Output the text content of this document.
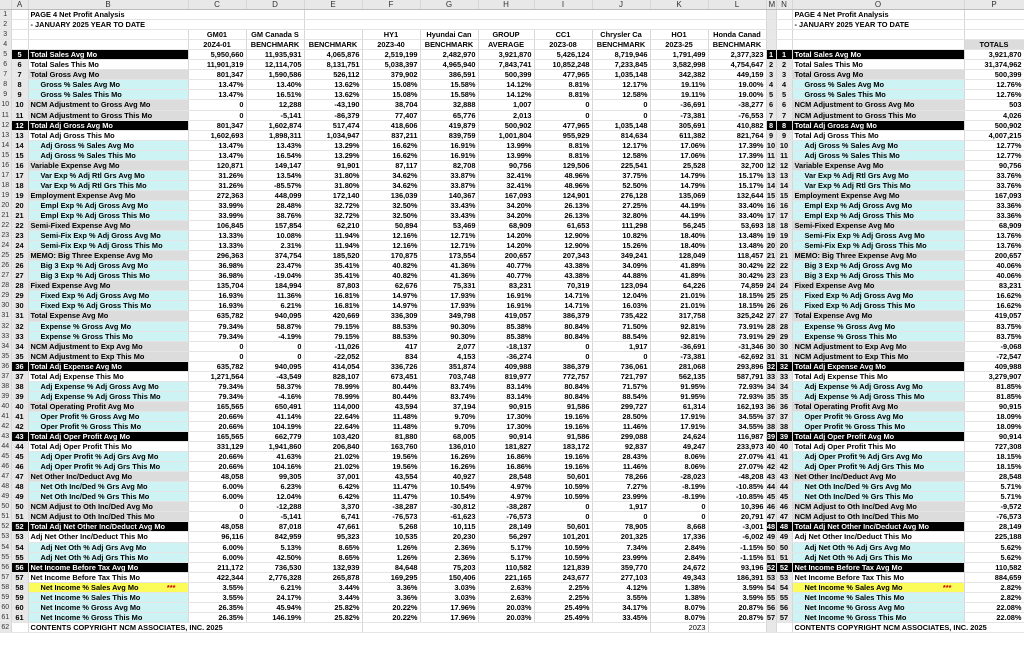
	A	B	C	D	E	F	G	H	I	J	K	L	M	N	O	P
1		PAGE 4 Net Profit Analysis													PAGE 4 Net Profit Analysis	
2		- JANUARY 2025 YEAR TO DATE													- JANUARY 2025 YEAR TO DATE	
3			GM01	GM Canada S		HY1	Hyundai Can	GROUP	CC1	Chrysler Ca	HO1	Honda Canad				
4			20Z4-01	BENCHMARK	BENCHMARK	20Z3-40	BENCHMARK	AVERAGE	20Z3-08	BENCHMARK	20Z3-25	BENCHMARK				TOTALS
5	5	Total Sales Avg Mo	5,950,660	11,935,931	4,065,876	2,519,199	2,482,970	3,921,870	5,426,124	8,719,946	1,791,499	2,377,323	1	1	Total Sales Avg Mo	3,921,870
6	6	Total Sales This Mo	11,901,319	12,114,705	8,131,751	5,038,397	4,965,940	7,843,741	10,852,248	7,233,845	3,582,998	4,754,647	2	2	Total Sales This Mo	31,374,962
7	7	Total Gross Avg Mo	801,347	1,590,586	526,112	379,902	386,591	500,399	477,965	1,035,148	342,382	449,159	3	3	Total Gross Avg Mo	500,399
8	8	Gross % Sales Avg Mo	13.47%	13.40%	13.62%	15.08%	15.58%	14.12%	8.81%	12.17%	19.11%	19.00%	4	4	Gross % Sales Avg Mo	12.76%
9	9	Gross % Sales This Mo	13.47%	16.51%	13.62%	15.08%	15.58%	14.12%	8.81%	12.58%	19.11%	19.00%	5	5	Gross % Sales This Mo	12.76%
10	10	NCM Adjustment to Gross Avg Mo	0	12,288	-43,190	38,704	32,888	1,007	0	0	-36,691	-38,277	6	6	NCM Adjustment to Gross Avg Mo	503
11	11	NCM Adjustment to Gross This Mo	0	-5,141	-86,379	77,407	65,776	2,013	0	0	-73,381	-76,553	7	7	NCM Adjustment to Gross This Mo	4,026
12	12	Total Adj Gross Avg Mo	801,347	1,602,874	517,474	418,606	419,879	500,902	477,965	1,035,148	305,691	410,882	8	8	Total Adj Gross Avg Mo	500,902
13	13	Total Adj Gross This Mo	1,602,693	1,898,311	1,034,947	837,211	839,759	1,001,804	955,929	814,634	611,382	821,764	9	9	Total Adj Gross This Mo	4,007,215
14	14	Adj Gross % Sales Avg Mo	13.47%	13.43%	13.29%	16.62%	16.91%	13.99%	8.81%	12.17%	17.06%	17.39%	10	10	Adj Gross % Sales Avg Mo	12.77%
15	15	Adj Gross % Sales This Mo	13.47%	16.54%	13.29%	16.62%	16.91%	13.99%	8.81%	12.58%	17.06%	17.39%	11	11	Adj Gross % Sales This Mo	12.77%
16	16	Variable Expense Avg Mo	120,871	149,147	91,901	87,117	82,708	90,756	129,506	225,541	25,528	32,700	12	12	Variable Expense Avg Mo	90,756
17	17	Var Exp % Adj Rtl Grs Avg Mo	31.26%	13.54%	31.80%	34.62%	33.87%	32.41%	48.96%	37.75%	14.79%	15.17%	13	13	Var Exp % Adj Rtl Grs Avg Mo	33.76%
18	18	Var Exp % Adj Rtl Grs This Mo	31.26%	-85.57%	31.80%	34.62%	33.87%	32.41%	48.96%	52.50%	14.79%	15.17%	14	14	Var Exp % Adj Rtl Grs This Mo	33.76%
19	19	Employment Expense Avg Mo	272,363	448,099	172,140	136,039	140,367	167,093	124,901	276,128	135,069	132,644	15	15	Employment Expense Avg Mo	167,093
20	20	Empl Exp % Adj Gross Avg Mo	33.99%	28.48%	32.72%	32.50%	33.43%	34.20%	26.13%	27.25%	44.19%	33.40%	16	16	Empl Exp % Adj Gross Avg Mo	33.36%
21	21	Empl Exp % Adj Gross This Mo	33.99%	38.76%	32.72%	32.50%	33.43%	34.20%	26.13%	32.80%	44.19%	33.40%	17	17	Empl Exp % Adj Gross This Mo	33.36%
22	22	Semi-Fixed Expense Avg Mo	106,845	157,854	62,210	50,894	53,469	68,909	61,653	111,298	56,245	53,693	18	18	Semi-Fixed Expense Avg Mo	68,909
23	23	Semi-Fix Exp % Adj Gross Avg Mo	13.33%	10.08%	11.94%	12.16%	12.71%	14.20%	12.90%	10.82%	18.40%	13.48%	19	19	Semi-Fix Exp % Adj Gross Avg Mo	13.76%
24	24	Semi-Fix Exp % Adj Gross This Mo	13.33%	2.31%	11.94%	12.16%	12.71%	14.20%	12.90%	15.26%	18.40%	13.48%	20	20	Semi-Fix Exp % Adj Gross This Mo	13.76%
25	25	MEMO: Big Three Expense Avg Mo	296,363	374,754	185,520	170,875	173,554	200,657	207,343	349,241	128,049	118,457	21	21	MEMO: Big Three Expense Avg Mo	200,657
26	26	Big 3 Exp % Adj Gross Avg Mo	36.98%	23.47%	35.41%	40.82%	41.36%	40.77%	43.38%	34.09%	41.89%	30.42%	22	22	Big 3 Exp % Adj Gross Avg Mo	40.06%
27	27	Big 3 Exp % Adj Gross This Mo	36.98%	-19.04%	35.41%	40.82%	41.36%	40.77%	43.38%	44.88%	41.89%	30.42%	23	23	Big 3 Exp % Adj Gross This Mo	40.06%
28	28	Fixed Expense Avg Mo	135,704	184,994	87,803	62,676	75,331	83,231	70,319	123,094	64,226	74,859	24	24	Fixed Expense Avg Mo	83,231
29	29	Fixed Exp % Adj Gross Avg Mo	16.93%	11.36%	16.81%	14.97%	17.93%	16.91%	14.71%	12.04%	21.01%	18.15%	25	25	Fixed Exp % Adj Gross Avg Mo	16.62%
30	30	Fixed Exp % Adj Gross This Mo	16.93%	6.21%	16.81%	14.97%	17.93%	16.91%	14.71%	16.03%	21.01%	18.15%	26	26	Fixed Exp % Adj Gross This Mo	16.62%
31	31	Total Expense Avg Mo	635,782	940,095	420,669	336,309	349,798	419,057	386,379	735,422	317,758	325,242	27	27	Total Expense Avg Mo	419,057
32	32	Expense % Gross Avg Mo	79.34%	58.87%	79.15%	88.53%	90.30%	85.38%	80.84%	71.50%	92.81%	73.91%	28	28	Expense % Gross Avg Mo	83.75%
33	33	Expense % Gross This Mo	79.34%	-4.19%	79.15%	88.53%	90.30%	85.38%	80.84%	88.54%	92.81%	73.91%	29	29	Expense % Gross This Mo	83.75%
34	34	NCM Adjustment to Exp Avg Mo	0	0	-11,026	417	2,077	-18,137	0	1,917	-36,691	-31,346	30	30	NCM Adjustment to Exp Avg Mo	-9,068
35	35	NCM Adjustment to Exp This Mo	0	0	-22,052	834	4,153	-36,274	0	0	-73,381	-62,692	31	31	NCM Adjustment to Exp This Mo	-72,547
36	36	Total Adj Expense Avg Mo	635,782	940,095	414,054	336,726	351,874	409,988	386,379	736,061	281,068	293,896	32	32	Total Adj Expense Avg Mo	409,988
37	37	Total Adj Expense This Mo	1,271,564	-43,549	828,107	673,451	703,748	819,977	772,757	721,797	562,135	587,791	33	33	Total Adj Expense This Mo	3,279,907
38	38	Adj Expense % Adj Gross Avg Mo	79.34%	58.37%	78.99%	80.44%	83.74%	83.14%	80.84%	71.57%	91.95%	72.93%	34	34	Adj Expense % Adj Gross Avg Mo	81.85%
39	39	Adj Expense % Adj Gross This Mo	79.34%	-4.16%	78.99%	80.44%	83.74%	83.14%	80.84%	88.54%	91.95%	72.93%	35	35	Adj Expense % Adj Gross This Mo	81.85%
40	40	Total Operating Profit Avg Mo	165,565	650,491	114,000	43,594	37,194	90,915	91,586	299,727	61,314	162,193	36	36	Total Operating Profit Avg Mo	90,915
41	41	Oper Profit % Gross Avg Mo	20.66%	41.14%	22.64%	11.48%	9.70%	17.30%	19.16%	28.50%	17.91%	34.55%	37	37	Oper Profit % Gross Avg Mo	18.09%
42	42	Oper Profit % Gross This Mo	20.66%	104.19%	22.64%	11.48%	9.70%	17.30%	19.16%	11.46%	17.91%	34.55%	38	38	Oper Profit % Gross This Mo	18.09%
43	43	Total Adj Oper Profit Avg Mo	165,565	662,779	103,420	81,880	68,005	90,914	91,586	299,088	24,624	116,987	39	39	Total Adj Oper Profit Avg Mo	90,914
44	44	Total Adj Oper Profit This Mo	331,129	1,941,860	206,840	163,760	136,010	181,827	183,172	92,837	49,247	233,973	40	40	Total Adj Oper Profit This Mo	727,308
45	45	Adj Oper Profit % Adj Grs Avg Mo	20.66%	41.63%	21.02%	19.56%	16.26%	16.86%	19.16%	28.43%	8.06%	27.07%	41	41	Adj Oper Profit % Adj Grs Avg Mo	18.15%
46	46	Adj Oper Profit % Adj Grs This Mo	20.66%	104.16%	21.02%	19.56%	16.26%	16.86%	19.16%	11.46%	8.06%	27.07%	42	42	Adj Oper Profit % Adj Grs This Mo	18.15%
47	47	Net Other Inc/Deduct Avg Mo	48,058	99,305	37,001	43,554	40,927	28,548	50,601	78,266	-28,023	-48,208	43	43	Net Other Inc/Deduct Avg Mo	28,548
48	48	Net Oth Inc/Ded % Grs Avg Mo	6.00%	6.23%	6.42%	11.47%	10.54%	4.97%	10.59%	7.27%	-8.19%	-10.85%	44	44	Net Oth Inc/Ded % Grs Avg Mo	5.71%
49	49	Net Oth Inc/Ded % Grs This Mo	6.00%	12.04%	6.42%	11.47%	10.54%	4.97%	10.59%	23.99%	-8.19%	-10.85%	45	45	Net Oth Inc/Ded % Grs This Mo	5.71%
50	50	NCM Adjust to Oth Inc/Ded Avg Mo	0	-12,288	3,370	-38,287	-30,812	-38,287	0	1,917	0	10,396	46	46	NCM Adjust to Oth Inc/Ded Avg Mo	-9,572
51	51	NCM Adjust to Oth Inc/Ded This Mo	0	-5,141	6,741	-76,573	-61,623	-76,573	0	0	0	20,791	47	47	NCM Adjust to Oth Inc/Ded This Mo	-76,573
52	52	Total Adj Net Other Inc/Deduct Avg Mo	48,058	87,018	47,661	5,268	10,115	28,149	50,601	78,905	8,668	-3,001	48	48	Total Adj Net Other Inc/Deduct Avg Mo	28,149
53	53	Adj Net Other Inc/Deduct This Mo	96,116	842,959	95,323	10,535	20,230	56,297	101,201	201,325	17,336	-6,002	49	49	Adj Net Other Inc/Deduct This Mo	225,188
54	54	Adj Net Oth % Adj Grs Avg Mo	6.00%	5.13%	8.65%	1.26%	2.36%	5.17%	10.59%	7.34%	2.84%	-1.15%	50	50	Adj Net Oth % Adj Grs Avg Mo	5.62%
55	55	Adj Net Oth % Adj Grs This Mo	6.00%	42.50%	8.65%	1.26%	2.36%	5.17%	10.59%	23.99%	2.84%	-1.15%	51	51	Adj Net Oth % Adj Grs This Mo	5.62%
56	56	Net Income Before Tax Avg Mo	211,172	736,530	132,939	84,648	75,203	110,582	121,839	359,770	24,672	93,196	52	52	Net Income Before Tax Avg Mo	110,582
57	57	Net Income Before Tax This Mo	422,344	2,776,328	265,878	169,295	150,406	221,165	243,677	277,103	49,343	186,391	53	53	Net Income Before Tax This Mo	884,659
58	58	Net Income % Sales Avg Mo ***	3.55%	6.21%	3.44%	3.36%	3.03%	2.63%	2.25%	4.12%	1.38%	3.59%	54	54	Net Income % Sales Avg Mo ***	2.82%
59	59	Net Income % Sales This Mo	3.55%	24.17%	3.44%	3.36%	3.03%	2.63%	2.25%	3.55%	1.38%	3.59%	55	55	Net Income % Sales This Mo	2.82%
60	60	Net Income % Gross Avg Mo	26.35%	45.94%	25.82%	20.22%	17.96%	20.03%	25.49%	34.17%	8.07%	20.87%	56	56	Net Income % Gross Avg Mo	22.08%
61	61	Net Income % Gross This Mo	26.35%	146.19%	25.82%	20.22%	17.96%	20.03%	25.49%	33.45%	8.07%	20.87%	57	57	Net Income % Gross This Mo	22.08%
62		CONTENTS COPYRIGHT NCM ASSOCIATES, INC. 2025									20Z3				CONTENTS COPYRIGHT NCM ASSOCIATES, INC. 2025	
